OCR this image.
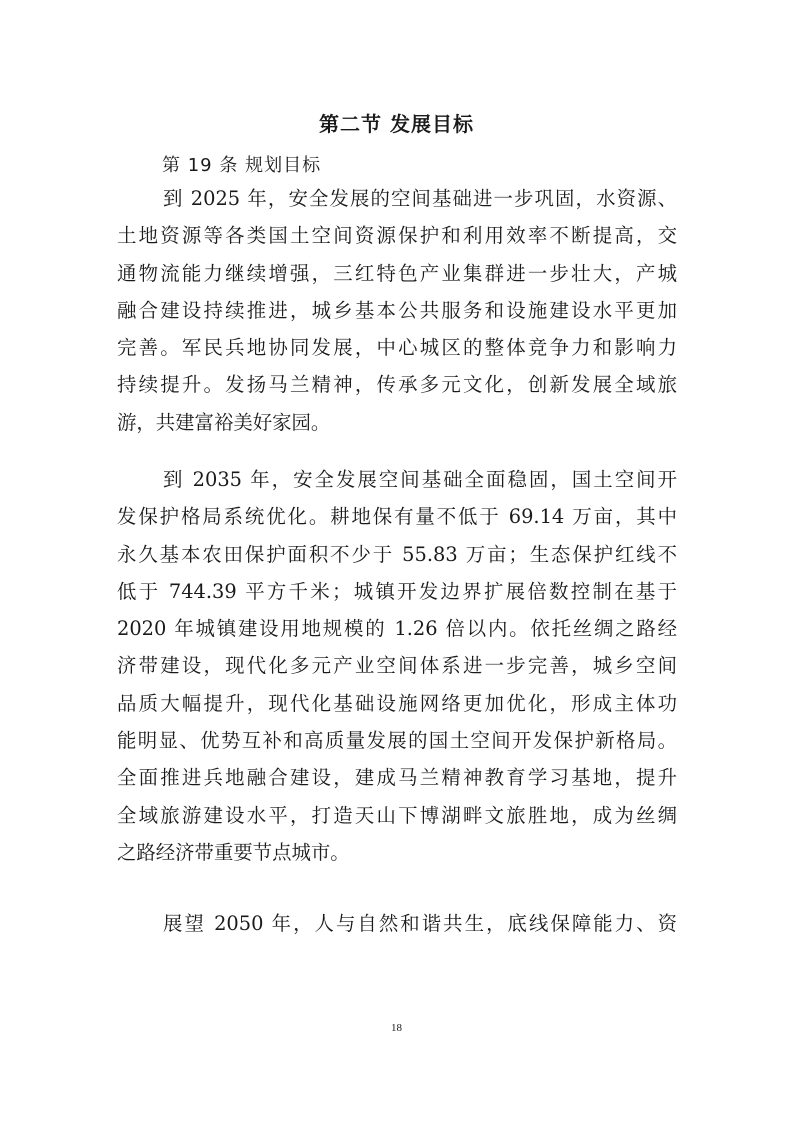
第二节 发展目标
第 19 条 规划目标
到 2025 年，安全发展的空间基础进一步巩固，水资源、
土地资源等各类国土空间资源保护和利用效率不断提高，交
通物流能力继续增强，三红特色产业集群进一步壮大，产城
融合建设持续推进，城乡基本公共服务和设施建设水平更加
完善。军民兵地协同发展，中心城区的整体竞争力和影响力
持续提升。发扬马兰精神，传承多元文化，创新发展全域旅
游，共建富裕美好家园。
到 2035 年，安全发展空间基础全面稳固，国土空间开
发保护格局系统优化。耕地保有量不低于 69.14 万亩，其中
永久基本农田保护面积不少于 55.83 万亩；生态保护红线不
低于 744.39 平方千米；城镇开发边界扩展倍数控制在基于
2020 年城镇建设用地规模的 1.26 倍以内。依托丝绸之路经
济带建设，现代化多元产业空间体系进一步完善，城乡空间
品质大幅提升，现代化基础设施网络更加优化，形成主体功
能明显、优势互补和高质量发展的国土空间开发保护新格局。
全面推进兵地融合建设，建成马兰精神教育学习基地，提升
全域旅游建设水平，打造天山下博湖畔文旅胜地，成为丝绸
之路经济带重要节点城市。
展望 2050 年，人与自然和谐共生，底线保障能力、资
18
